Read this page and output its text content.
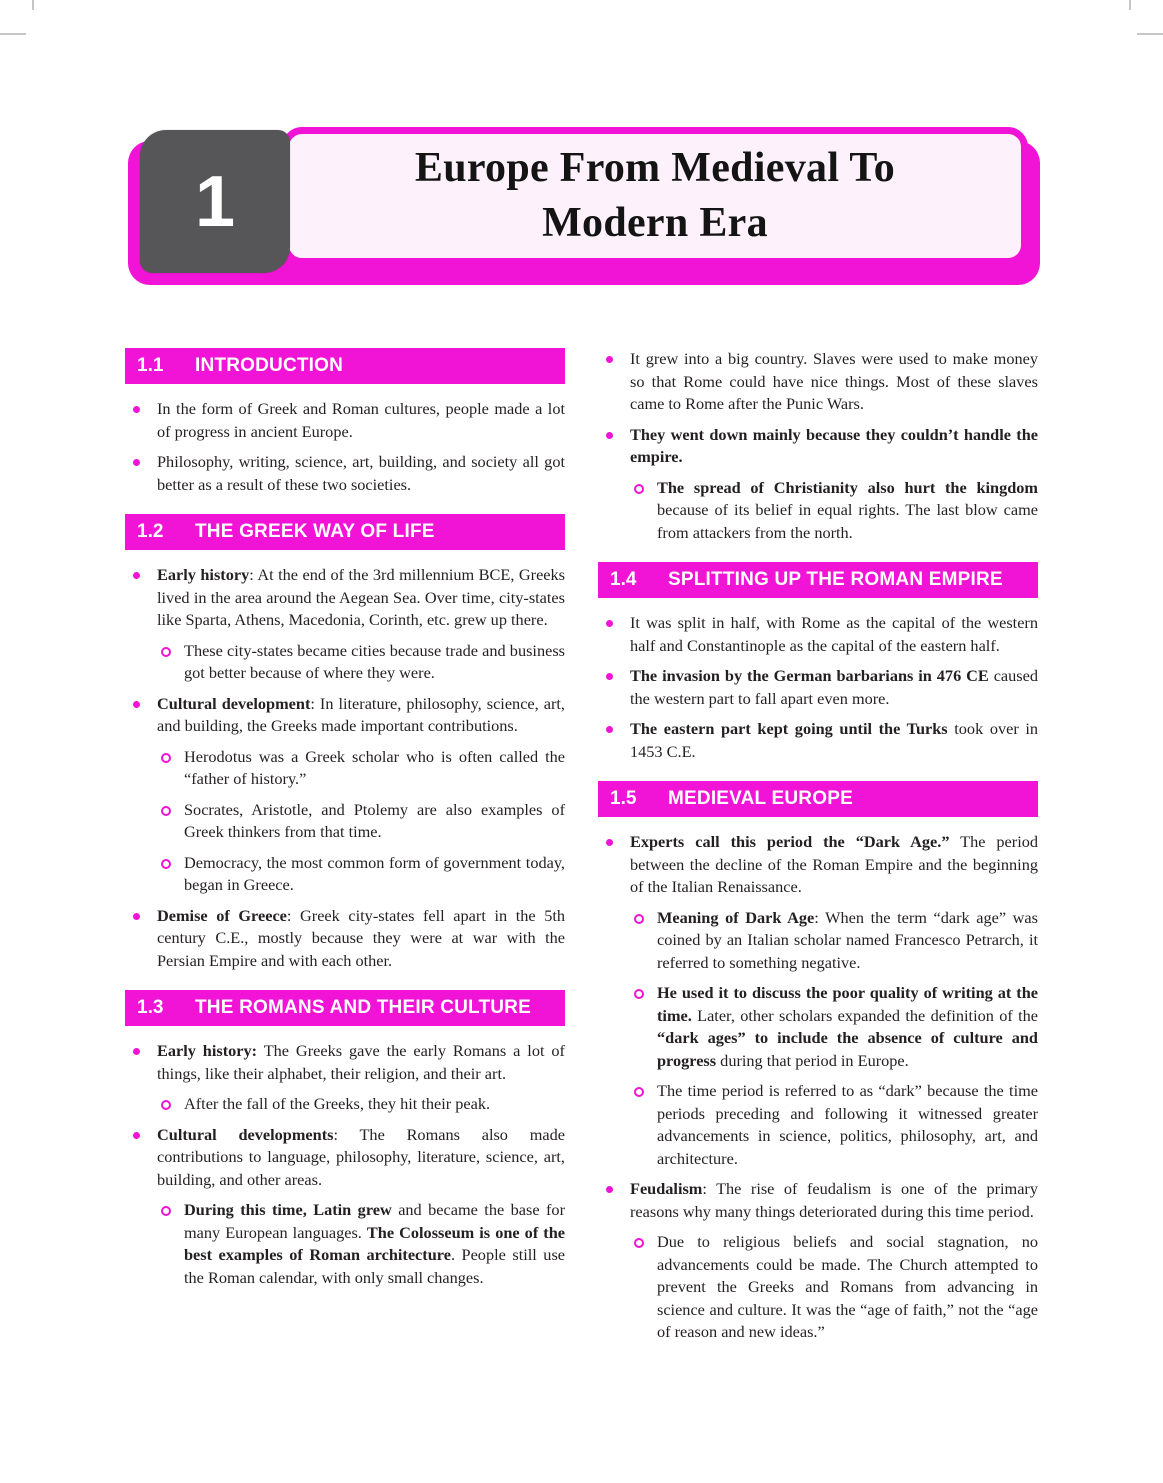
Europe From Medieval To Modern Era
1
1.1	INTRODUCTION

In the form of Greek and Roman cultures, people made a lot of progress in ancient Europe.

Philosophy, writing, science, art, building, and society all got better as a result of these two societies.

1.2	THE GREEK WAY OF LIFE

Early history: At the end of the 3rd millennium BCE, Greeks lived in the area around the Aegean Sea. Over time, city-states like Sparta, Athens, Macedonia, Corinth, etc. grew up there.

These city-states became cities because trade and business got better because of where they were.

Cultural development: In literature, philosophy, science, art, and building, the Greeks made important contributions.

Herodotus was a Greek scholar who is often called the “father of history.”

Socrates, Aristotle, and Ptolemy are also examples of Greek thinkers from that time.

Democracy, the most common form of government today, began in Greece.

Demise of Greece: Greek city-states fell apart in the 5th century C.E., mostly because they were at war with the Persian Empire and with each other.

1.3	THE ROMANS AND THEIR CULTURE

Early history: The Greeks gave the early Romans a lot of things, like their alphabet, their religion, and their art.

After the fall of the Greeks, they hit their peak.

Cultural developments: The Romans also made contributions to language, philosophy, literature, science, art, building, and other areas.

During this time, Latin grew and became the base for many European languages. The Colosseum is one of the best examples of Roman architecture. People still use the Roman calendar, with only small changes.

It grew into a big country. Slaves were used to make money so that Rome could have nice things. Most of these slaves came to Rome after the Punic Wars.

They went down mainly because they couldn’t handle the empire.

The spread of Christianity also hurt the kingdom because of its belief in equal rights. The last blow came from attackers from the north.

1.4	SPLITTING UP THE ROMAN EMPIRE

It was split in half, with Rome as the capital of the western half and Constantinople as the capital of the eastern half.

The invasion by the German barbarians in 476 CE caused the western part to fall apart even more.

The eastern part kept going until the Turks took over in 1453 C.E.

1.5	MEDIEVAL EUROPE

Experts call this period the “Dark Age.” The period between the decline of the Roman Empire and the beginning of the Italian Renaissance.

Meaning of Dark Age: When the term “dark age” was coined by an Italian scholar named Francesco Petrarch, it referred to something negative.

He used it to discuss the poor quality of writing at the time. Later, other scholars expanded the definition of the “dark ages” to include the absence of culture and progress during that period in Europe.

The time period is referred to as “dark” because the time periods preceding and following it witnessed greater advancements in science, politics, philosophy, art, and architecture.

Feudalism: The rise of feudalism is one of the primary reasons why many things deteriorated during this time period.

Due to religious beliefs and social stagnation, no advancements could be made. The Church attempted to prevent the Greeks and Romans from advancing in science and culture. It was the “age of faith,” not the “age of reason and new ideas.”
